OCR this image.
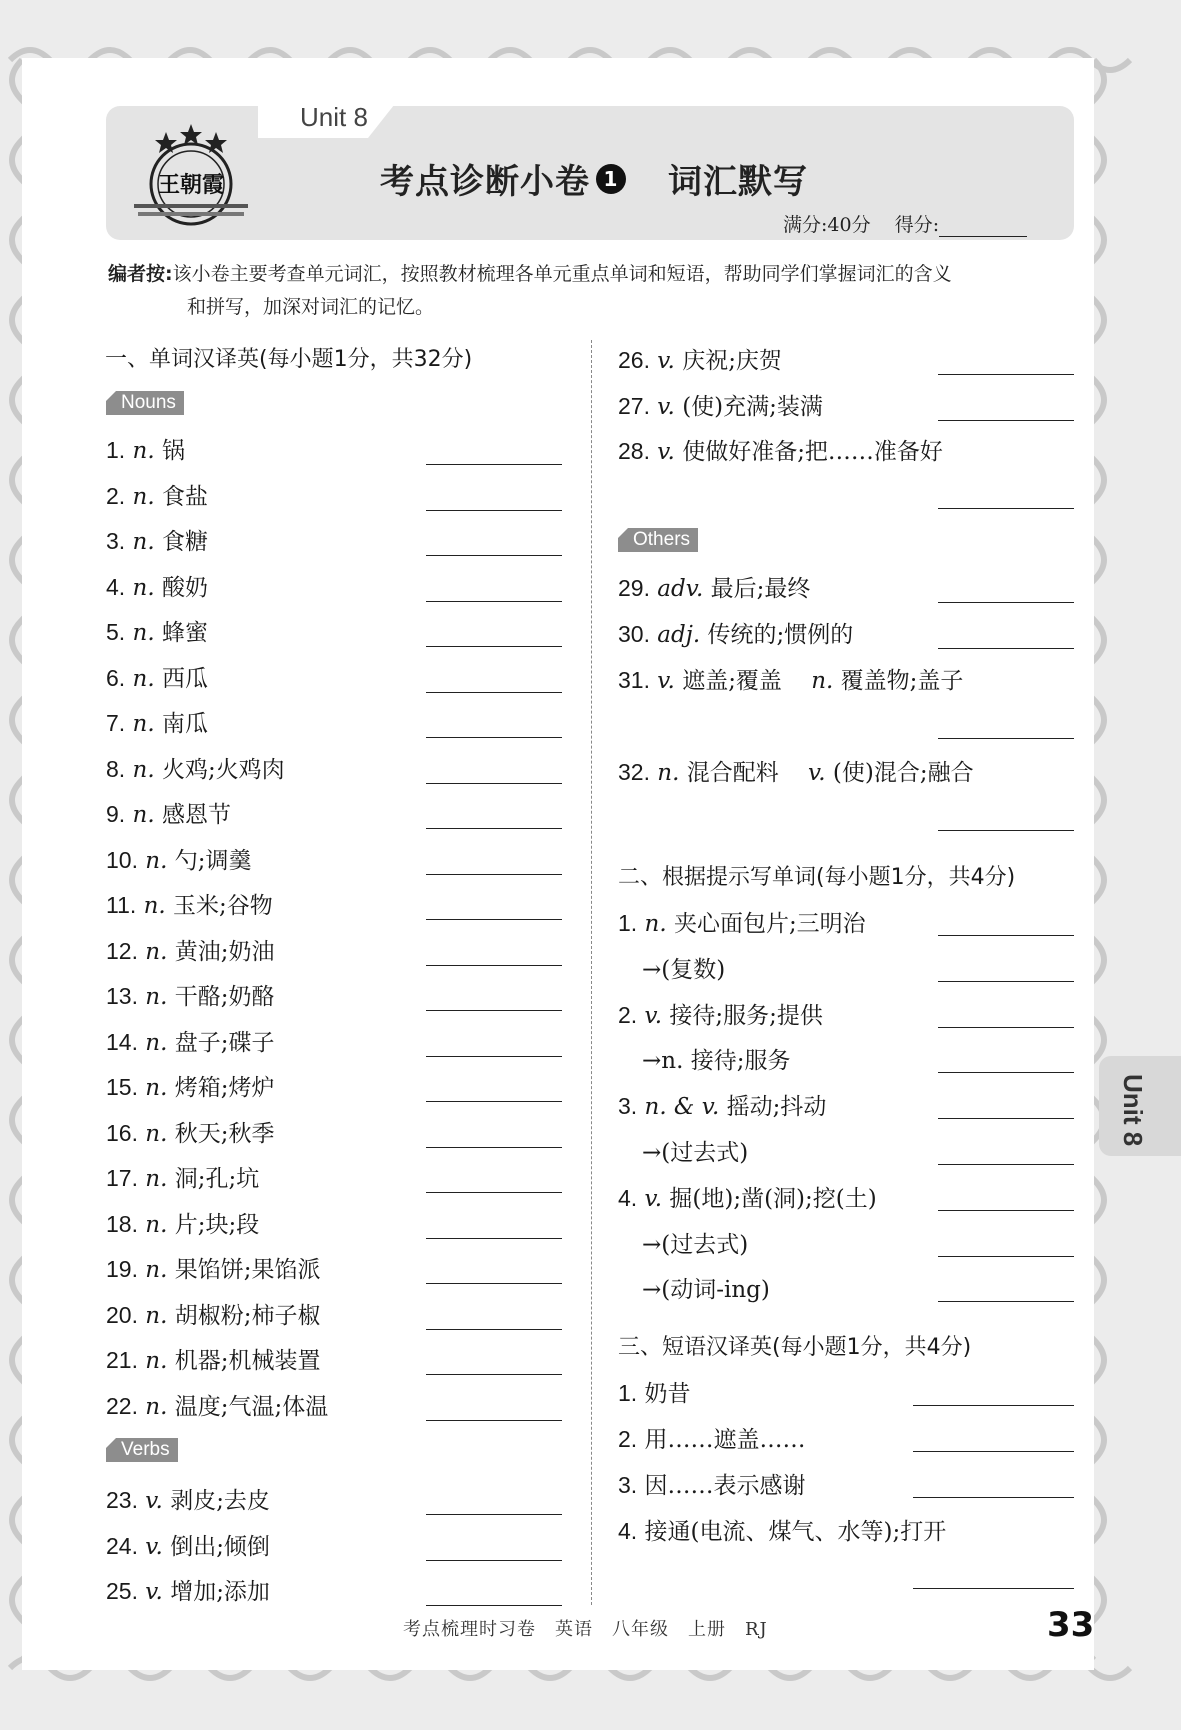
Unit 8
王朝霞	考点诊断小卷 1 词汇默写
满分:40分 得分:
编者按:该小卷主要考查单元词汇，按照教材梳理各单元重点单词和短语，帮助同学们掌握词汇的含义
和拼写，加深对词汇的记忆。
一、单词汉译英(每小题1分，共32分)
Nouns
1. n. 锅
2. n. 食盐
3. n. 食糖
4. n. 酸奶
5. n. 蜂蜜
6. n. 西瓜
7. n. 南瓜
8. n. 火鸡;火鸡肉
9. n. 感恩节
10. n. 勺;调羹
11. n. 玉米;谷物
12. n. 黄油;奶油
13. n. 干酪;奶酪
14. n. 盘子;碟子
15. n. 烤箱;烤炉
16. n. 秋天;秋季
17. n. 洞;孔;坑
18. n. 片;块;段
19. n. 果馅饼;果馅派
20. n. 胡椒粉;柿子椒
21. n. 机器;机械装置
22. n. 温度;气温;体温
Verbs
23. v. 剥皮;去皮
24. v. 倒出;倾倒
25. v. 增加;添加
26. v. 庆祝;庆贺
27. v. (使)充满;装满
28. v. 使做好准备;把……准备好
Others
29. adv. 最后;最终
30. adj. 传统的;惯例的
31. v. 遮盖;覆盖 n. 覆盖物;盖子
32. n. 混合配料 v. (使)混合;融合
二、根据提示写单词(每小题1分，共4分)
1. n. 夹心面包片;三明治
→(复数)
2. v. 接待;服务;提供
→n. 接待;服务
3. n. & v. 摇动;抖动
→(过去式)
4. v. 掘(地);凿(洞);挖(土)
→(过去式)
→(动词-ing)
三、短语汉译英(每小题1分，共4分)
1. 奶昔
2. 用……遮盖……
3. 因……表示感谢
4. 接通(电流、煤气、水等);打开
Unit 8
考点梳理时习卷　英语　八年级　上册　RJ	33
